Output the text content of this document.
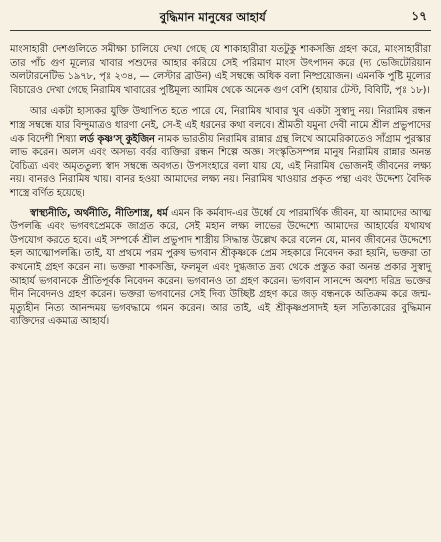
বুদ্ধিমান মানুষের আহার্য	১৭

মাংসাহারী দেশগুলিতে সমীক্ষা চালিয়ে দেখা গেছে যে শাকাহারীরা যতটুকু শাকসব্জি গ্রহণ করে, মাংসাহারীরা তার পাঁচ গুণ মূল্যের খাবার পশুদের আহার করিয়ে সেই পরিমাণ মাংস উৎপাদন করে (দ্য ভেজিটেরিয়ান অলটারনেটিভ ১৯৭৮, পৃঃ ২৩৪, — লেস্টার ব্রাউন) এই সম্বন্ধে অধিক বলা নিষ্প্রয়োজন। এমনকি পুষ্টি মূল্যের বিচারেও দেখা গেছে নিরামিষ খাবারের পুষ্টিমূল্য আমিষ থেকে অনেক গুণ বেশি (হায়ার টেস্ট, বিবিটি, পৃঃ ১৮)।

আর একটা হাস্যকর যুক্তি উত্থাপিত হতে পারে যে, নিরামিষ খাবার খুব একটা সুস্বাদু নয়। নিরামিষ রন্ধন শাস্ত্র সম্বন্ধে যার বিন্দুমাত্রও ধারণা নেই, সে-ই এই ধরনের কথা বলবে। শ্রীমতী যমুনা দেবী নামে শ্রীল প্রভুপাদের এক বিদেশী শিষ্যা লর্ড কৃষ্ণ'স্ কুইজিন নামক ভারতীয় নিরামিষ রান্নার গ্রন্থ লিখে আমেরিকাতেও সাঁগ্রাম পুরস্কার লাভ করেন। অলস এবং অসভ্য বর্বর ব্যক্তিরা রন্ধন শিল্পে অজ্ঞ। সংস্কৃতিসম্পন্ন মানুষ নিরামিষ রান্নার অনন্ত বৈচিত্র্য এবং অমৃততুল্য স্বাদ সম্বন্ধে অবগত। উপসংহারে বলা যায় যে, এই নিরামিষ ভোজনই জীবনের লক্ষ্য নয়। বানরও নিরামিষ খায়। বানর হওয়া আমাদের লক্ষ্য নয়। নিরামিষ খাওয়ার প্রকৃত পন্থা এবং উদ্দেশ্য বৈদিক শাস্ত্রে বর্ণিত হয়েছে।

স্বাস্থ্যনীতি, অর্থনীতি, নীতিশাস্ত্র, ধর্ম এমন কি কর্মবাদ-এর উর্ধ্বে যে পারমার্থিক জীবন, যা আমাদের আত্ম উপলব্ধি এবং ভগবৎপ্রেমকে জাগ্রত করে, সেই মহান লক্ষ্য লাভের উদ্দেশ্যে আমাদের আহার্যের যথাযথ উপযোগ করতে হবে। এই সম্পর্কে শ্রীল প্রভুপাদ শাস্ত্রীয় সিদ্ধান্ত উল্লেখ করে বলেন যে, মানব জীবনের উদ্দেশ্যে হল আত্মোপলব্ধি। তাই, যা প্রথমে পরম পুরুষ ভগবান শ্রীকৃষ্ণকে প্রেম সহকারে নিবেদন করা হয়নি, ভক্তরা তা কখনোই গ্রহণ করেন না। ভক্তরা শাকসব্জি, ফলমূল এবং দুগ্ধজাত দ্রব্য থেকে প্রস্তুত করা অনন্ত প্রকার সুস্বাদু আহার্য ভগবানকে প্রীতিপূর্বক নিবেদন করেন। ভগবানও তা গ্রহণ করেন। ভগবান সানন্দে অবশ্য দরিদ্র ভক্তের দীন নিবেদনও গ্রহণ করেন। ভক্তরা ভগবানের সেই দিব্য উচ্ছিষ্ট গ্রহণ করে জড় বন্ধনকে অতিক্রম করে জন্ম-মৃত্যুহীন নিত্য আনন্দময় ভগবদ্ধামে গমন করেন। আর তাই, এই শ্রীকৃষ্ণপ্রসাদই হল সত্যিকারের বুদ্ধিমান ব্যক্তিদের একমাত্র আহার্য।
